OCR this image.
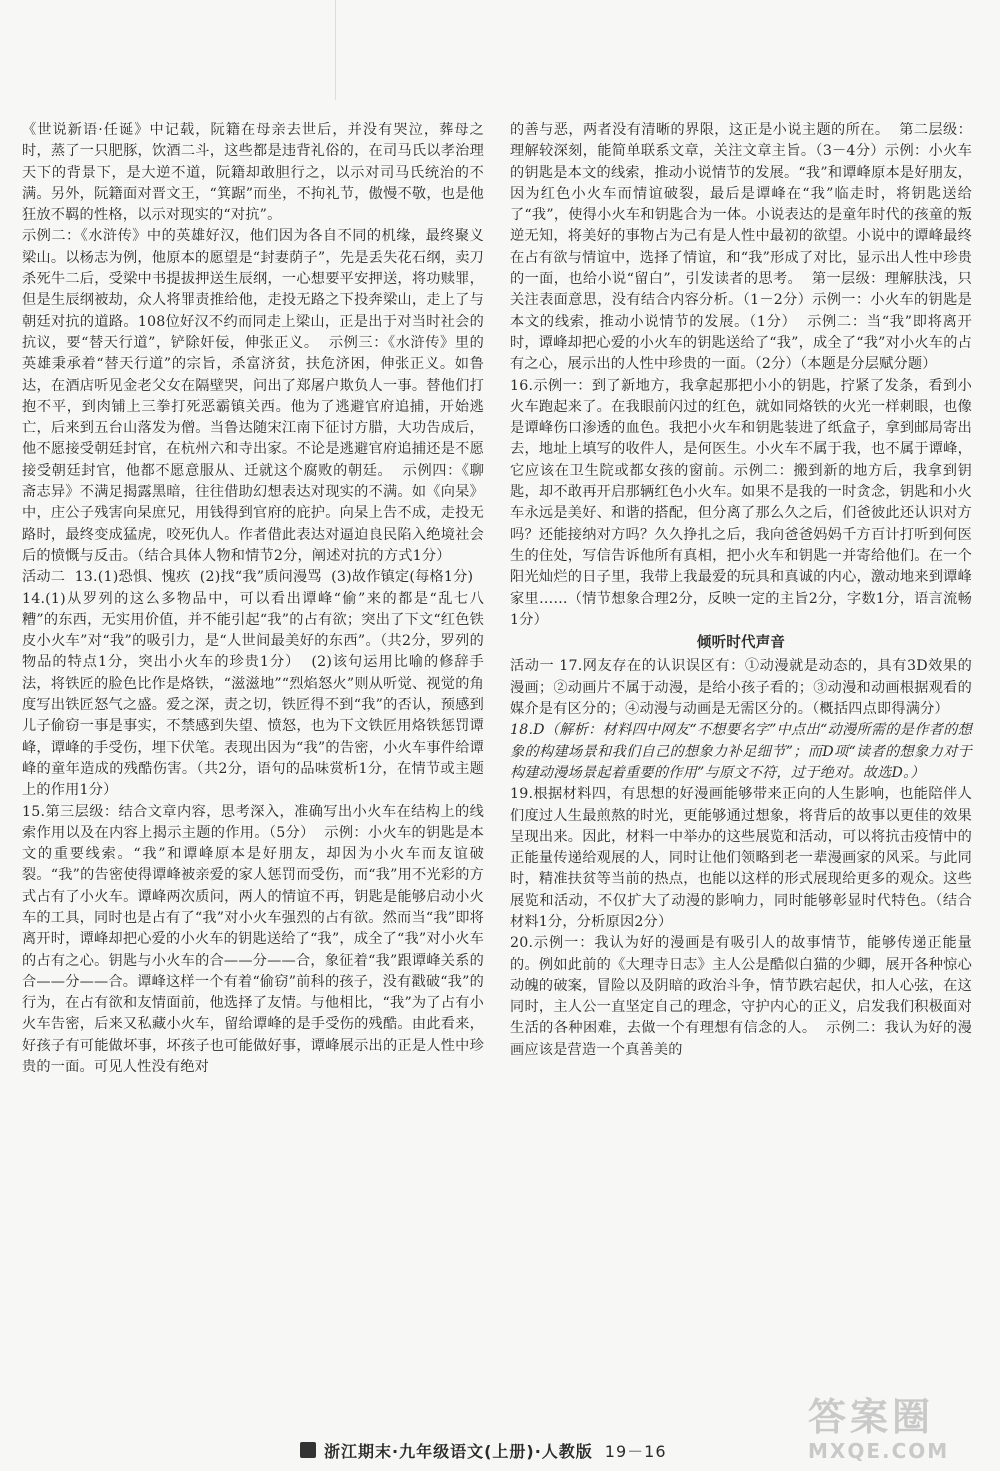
《世说新语·任诞》中记载，阮籍在母亲去世后，并没有哭泣，葬母之时，蒸了一只肥豚，饮酒二斗，这些都是违背礼俗的，在司马氏以孝治理天下的背景下，是大逆不道，阮籍却敢胆行之，以示对司马氏统治的不满。另外，阮籍面对晋文王，“箕踞”而坐，不拘礼节，傲慢不敬，也是他狂放不羁的性格，以示对现实的“对抗”。

示例二：《水浒传》中的英雄好汉，他们因为各自不同的机缘，最终聚义梁山。以杨志为例，他原本的愿望是“封妻荫子”，先是丢失花石纲，卖刀杀死牛二后，受梁中书提拔押送生辰纲，一心想要平安押送，将功赎罪，但是生辰纲被劫，众人将罪责推给他，走投无路之下投奔梁山，走上了与朝廷对抗的道路。108位好汉不约而同走上梁山，正是出于对当时社会的抗议，要“替天行道”，铲除奸佞，伸张正义。  示例三：《水浒传》里的英雄秉承着“替天行道”的宗旨，杀富济贫，扶危济困，伸张正义。如鲁达，在酒店听见金老父女在隔壁哭，问出了郑屠户欺负人一事。替他们打抱不平，到肉铺上三拳打死恶霸镇关西。他为了逃避官府追捕，开始逃亡，后来到五台山落发为僧。当鲁达随宋江南下征讨方腊，大功告成后，他不愿接受朝廷封官，在杭州六和寺出家。不论是逃避官府追捕还是不愿接受朝廷封官，他都不愿意服从、迁就这个腐败的朝廷。  示例四：《聊斋志异》不满足揭露黑暗，往往借助幻想表达对现实的不满。如《向杲》中，庄公子残害向杲庶兄，用钱得到官府的庇护。向杲上告不成，走投无路时，最终变成猛虎，咬死仇人。作者借此表达对逼迫良民陷入绝境社会后的愤慨与反击。（结合具体人物和情节2分，阐述对抗的方式1分）

活动二  13.(1)恐惧、愧疚  (2)找“我”质问漫骂  (3)故作镇定(每格1分)

14.(1)从罗列的这么多物品中，可以看出谭峰“偷”来的都是“乱七八糟”的东西，无实用价值，并不能引起“我”的占有欲；突出了下文“红色铁皮小火车”对“我”的吸引力，是“人世间最美好的东西”。（共2分，罗列的物品的特点1分，突出小火车的珍贵1分）  (2)该句运用比喻的修辞手法，将铁匠的脸色比作是烙铁，“滋滋地”“烈焰怒火”则从听觉、视觉的角度写出铁匠怒气之盛。爱之深，责之切，铁匠得不到“我”的否认，预感到儿子偷窃一事是事实，不禁感到失望、愤怒，也为下文铁匠用烙铁惩罚谭峰，谭峰的手受伤，埋下伏笔。表现出因为“我”的告密，小火车事件给谭峰的童年造成的残酷伤害。（共2分，语句的品味赏析1分，在情节或主题上的作用1分）

15.第三层级：结合文章内容，思考深入，准确写出小火车在结构上的线索作用以及在内容上揭示主题的作用。（5分）  示例：小火车的钥匙是本文的重要线索。“我”和谭峰原本是好朋友，却因为小火车而友谊破裂。“我”的告密使得谭峰被亲爱的家人惩罚而受伤，而“我”用不光彩的方式占有了小火车。谭峰两次质问，两人的情谊不再，钥匙是能够启动小火车的工具，同时也是占有了“我”对小火车强烈的占有欲。然而当“我”即将离开时，谭峰却把心爱的小火车的钥匙送给了“我”，成全了“我”对小火车的占有之心。钥匙与小火车的合——分——合，象征着“我”跟谭峰关系的合——分——合。谭峰这样一个有着“偷窃”前科的孩子，没有戳破“我”的行为，在占有欲和友情面前，他选择了友情。与他相比，“我”为了占有小火车告密，后来又私藏小火车，留给谭峰的是手受伤的残酷。由此看来，好孩子有可能做坏事，坏孩子也可能做好事，谭峰展示出的正是人性中珍贵的一面。可见人性没有绝对

的善与恶，两者没有清晰的界限，这正是小说主题的所在。  第二层级：理解较深刻，能简单联系文章，关注文章主旨。（3－4分）示例：小火车的钥匙是本文的线索，推动小说情节的发展。“我”和谭峰原本是好朋友，因为红色小火车而情谊破裂，最后是谭峰在“我”临走时，将钥匙送给了“我”，使得小火车和钥匙合为一体。小说表达的是童年时代的孩童的叛逆无知，将美好的事物占为己有是人性中最初的欲望。小说中的谭峰最终在占有欲与情谊中，选择了情谊，和“我”形成了对比，显示出人性中珍贵的一面，也给小说“留白”，引发读者的思考。  第一层级：理解肤浅，只关注表面意思，没有结合内容分析。（1－2分）示例一：小火车的钥匙是本文的线索，推动小说情节的发展。（1分）  示例二：当“我”即将离开时，谭峰却把心爱的小火车的钥匙送给了“我”，成全了“我”对小火车的占有之心，展示出的人性中珍贵的一面。（2分）（本题是分层赋分题）

16.示例一：到了新地方，我拿起那把小小的钥匙，拧紧了发条，看到小火车跑起来了。在我眼前闪过的红色，就如同烙铁的火光一样刺眼，也像是谭峰伤口渗透的血色。我把小火车和钥匙装进了纸盒子，拿到邮局寄出去，地址上填写的收件人，是何医生。小火车不属于我，也不属于谭峰，它应该在卫生院或都女孩的窗前。示例二：搬到新的地方后，我拿到钥匙，却不敢再开启那辆红色小火车。如果不是我的一时贪念，钥匙和小火车永远是美好、和谐的搭配，但分离了那么久之后，们爸彼此还认识对方吗？还能接纳对方吗？久久挣扎之后，我向爸爸妈妈千方百计打听到何医生的住处，写信告诉他所有真相，把小火车和钥匙一并寄给他们。在一个阳光灿烂的日子里，我带上我最爱的玩具和真诚的内心，激动地来到谭峰家里……（情节想象合理2分，反映一定的主旨2分，字数1分，语言流畅1分）

倾听时代声音

活动一 17.网友存在的认识误区有：①动漫就是动态的，具有3D效果的漫画；②动画片不属于动漫，是给小孩子看的；③动漫和动画根据观看的媒介是有区分的；④动漫与动画是无需区分的。（概括四点即得满分）

18.D（解析：材料四中网友“不想要名字”中点出“动漫所需的是作者的想象的构建场景和我们自己的想象力补足细节”；而D项“读者的想象力对于构建动漫场景起着重要的作用”与原文不符，过于绝对。故选D。）

19.根据材料四，有思想的好漫画能够带来正向的人生影响，也能陪伴人们度过人生最煎熬的时光，更能够通过想象，将背后的故事以更佳的效果呈现出来。因此，材料一中举办的这些展览和活动，可以将抗击疫情中的正能量传递给观展的人，同时让他们领略到老一辈漫画家的风采。与此同时，精准扶贫等当前的热点，也能以这样的形式展现给更多的观众。这些展览和活动，不仅扩大了动漫的影响力，同时能够彰显时代特色。（结合材料1分，分析原因2分）

20.示例一：我认为好的漫画是有吸引人的故事情节，能够传递正能量的。例如此前的《大理寺日志》主人公是酷似白猫的少卿，展开各种惊心动魄的破案，冒险以及阴暗的政治斗争，情节跌宕起伏，扣人心弦，在这同时，主人公一直坚定自己的理念，守护内心的正义，启发我们积极面对生活的各种困难，去做一个有理想有信念的人。  示例二：我认为好的漫画应该是营造一个真善美的

浙江期末·九年级语文(上册)·人教版 19－16
答案圈
MXQE.COM
